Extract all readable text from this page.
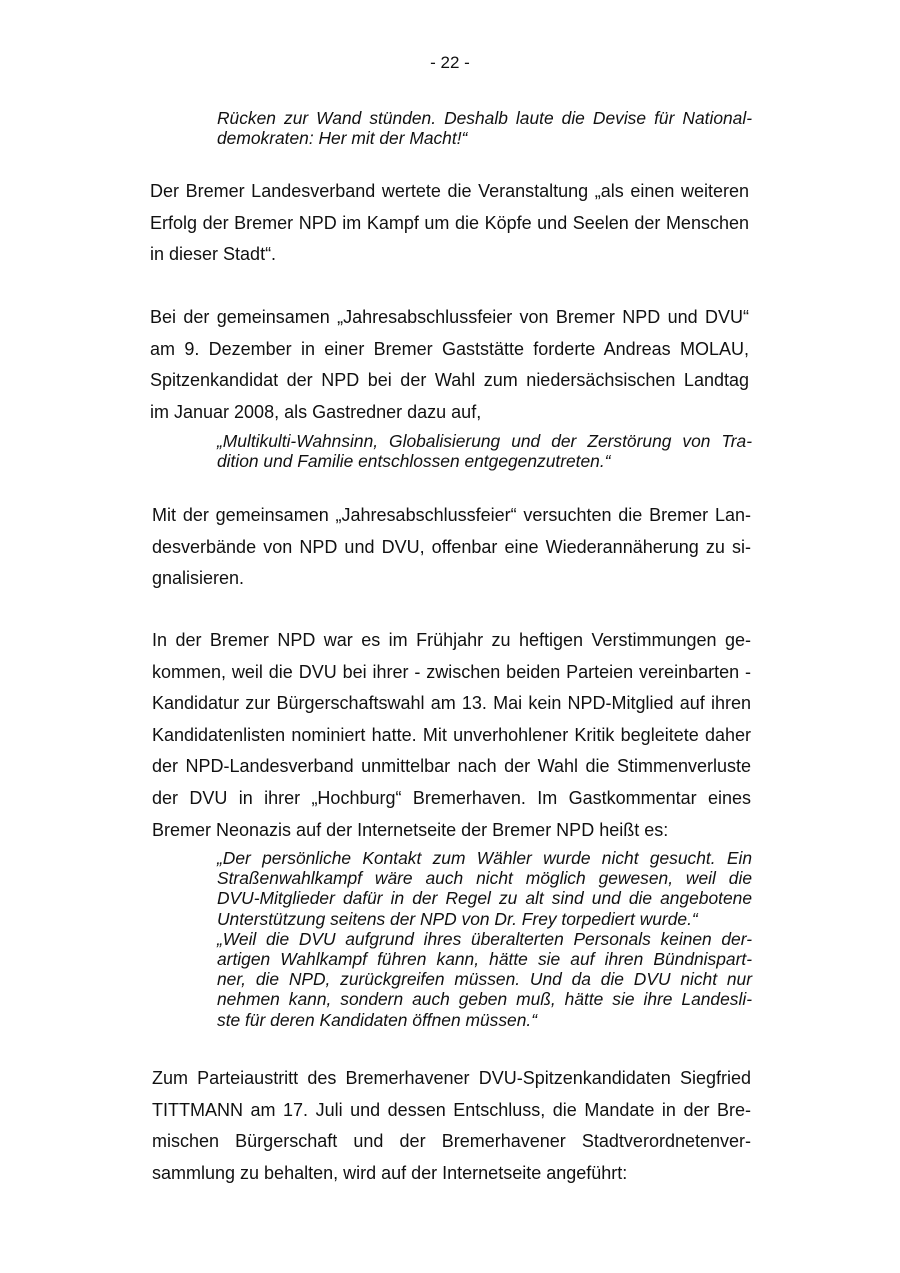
- 22 -
Rücken zur Wand stünden. Deshalb laute die Devise für National-
demokraten: Her mit der Macht!“
Der Bremer Landesverband wertete die Veranstaltung „als einen weiteren
Erfolg der Bremer NPD im Kampf um die Köpfe und Seelen der Menschen
in dieser Stadt“.
Bei der gemeinsamen „Jahresabschlussfeier von Bremer NPD und DVU“
am 9. Dezember in einer Bremer Gaststätte forderte Andreas MOLAU,
Spitzenkandidat der NPD bei der Wahl zum niedersächsischen Landtag
im Januar 2008, als Gastredner dazu auf,
„Multikulti-Wahnsinn, Globalisierung und der Zerstörung von Tra-
dition und Familie entschlossen entgegenzutreten.“
Mit der gemeinsamen „Jahresabschlussfeier“ versuchten die Bremer Lan-
desverbände von NPD und DVU, offenbar eine Wiederannäherung zu si-
gnalisieren.
In der Bremer NPD war es im Frühjahr zu heftigen Verstimmungen ge-
kommen, weil die DVU bei ihrer - zwischen beiden Parteien vereinbarten -
Kandidatur zur Bürgerschaftswahl am 13. Mai kein NPD-Mitglied auf ihren
Kandidatenlisten nominiert hatte. Mit unverhohlener Kritik begleitete daher
der NPD-Landesverband unmittelbar nach der Wahl die Stimmenverluste
der DVU in ihrer „Hochburg“ Bremerhaven. Im Gastkommentar eines
Bremer Neonazis auf der Internetseite der Bremer NPD heißt es:
„Der persönliche Kontakt zum Wähler wurde nicht gesucht. Ein
Straßenwahlkampf wäre auch nicht möglich gewesen, weil die
DVU-Mitglieder dafür in der Regel zu alt sind und die angebotene
Unterstützung seitens der NPD von Dr. Frey torpediert wurde.“
„Weil die DVU aufgrund ihres überalterten Personals keinen der-
artigen Wahlkampf führen kann, hätte sie auf ihren Bündnispart-
ner, die NPD, zurückgreifen müssen. Und da die DVU nicht nur
nehmen kann, sondern auch geben muß, hätte sie ihre Landesli-
ste für deren Kandidaten öffnen müssen.“
Zum Parteiaustritt des Bremerhavener DVU-Spitzenkandidaten Siegfried
TITTMANN am 17. Juli und dessen Entschluss, die Mandate in der Bre-
mischen Bürgerschaft und der Bremerhavener Stadtverordnetenver-
sammlung zu behalten, wird auf der Internetseite angeführt:
